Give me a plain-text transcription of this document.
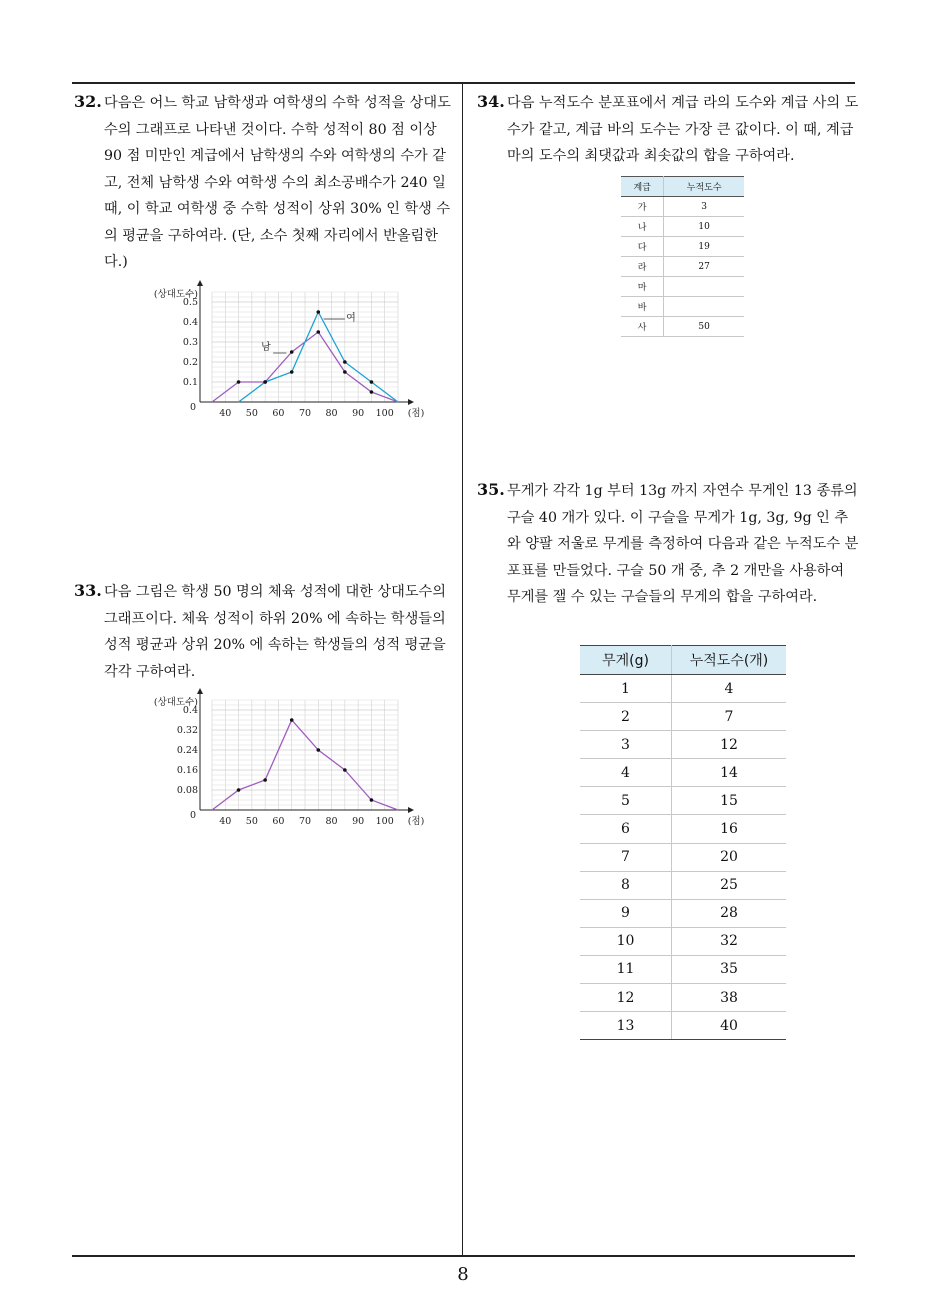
32. 다음은 어느 학교 남학생과 여학생의 수학 성적을 상대도수의 그래프로 나타낸 것이다. 수학 성적이 80 점 이상 90 점 미만인 계급에서 남학생의 수와 여학생의 수가 같고, 전체 남학생 수와 여학생 수의 최소공배수가 240 일 때, 이 학교 여학생 중 수학 성적이 상위 30% 인 학생 수의 평균을 구하여라. (단, 소수 첫째 자리에서 반올림한다.)

40 50 60 70 80 90 100
0.1
0.2
0.3
0.4
0.5
0
(상대도수)
(점)
남
여

33. 다음 그림은 학생 50 명의 체육 성적에 대한 상대도수의 그래프이다. 체육 성적이 하위 20% 에 속하는 학생들의 성적 평균과 상위 20% 에 속하는 학생들의 성적 평균을 각각 구하여라.

40 50 60 70 80 90 100
0.08
0.16
0.24
0.32
0.4
0
(상대도수)
(점)

34. 다음 누적도수 분포표에서 계급 라의 도수와 계급 사의 도수가 같고, 계급 바의 도수는 가장 큰 값이다. 이 때, 계급 마의 도수의 최댓값과 최솟값의 합을 구하여라.

계급	누적도수
가	3
나	10
다	19
라	27
마	
바	
사	50

35. 무게가 각각 1g 부터 13g 까지 자연수 무게인 13 종류의 구슬 40 개가 있다. 이 구슬을 무게가 1g, 3g, 9g 인 추와 양팔 저울로 무게를 측정하여 다음과 같은 누적도수 분포표를 만들었다. 구슬 50 개 중, 추 2 개만을 사용하여 무게를 잴 수 있는 구슬들의 무게의 합을 구하여라.

무게(g)	누적도수(개)
1	4
2	7
3	12
4	14
5	15
6	16
7	20
8	25
9	28
10	32
11	35
12	38
13	40
8
